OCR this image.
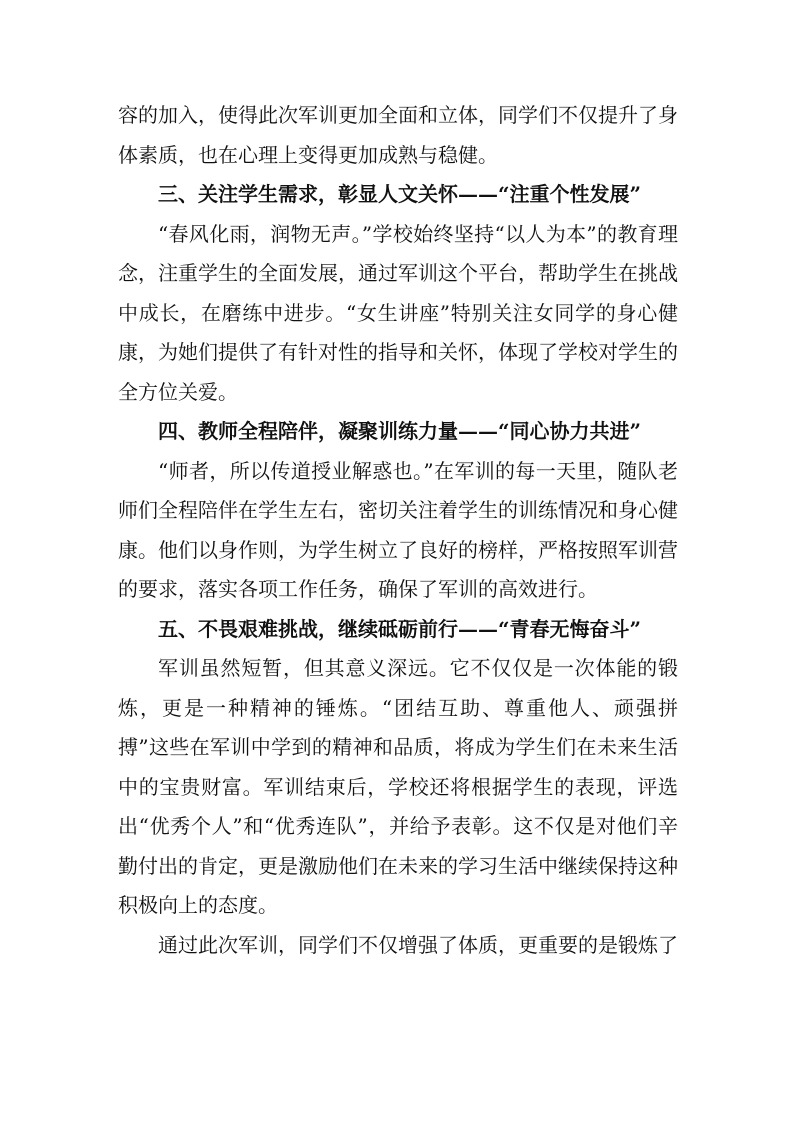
容的加入，使得此次军训更加全面和立体，同学们不仅提升了身体素质，也在心理上变得更加成熟与稳健。

三、关注学生需求，彰显人文关怀——“注重个性发展”

“春风化雨，润物无声。”学校始终坚持“以人为本”的教育理念，注重学生的全面发展，通过军训这个平台，帮助学生在挑战中成长，在磨练中进步。“女生讲座”特别关注女同学的身心健康，为她们提供了有针对性的指导和关怀，体现了学校对学生的全方位关爱。

四、教师全程陪伴，凝聚训练力量——“同心协力共进”

“师者，所以传道授业解惑也。”在军训的每一天里，随队老师们全程陪伴在学生左右，密切关注着学生的训练情况和身心健康。他们以身作则，为学生树立了良好的榜样，严格按照军训营的要求，落实各项工作任务，确保了军训的高效进行。

五、不畏艰难挑战，继续砥砺前行——“青春无悔奋斗”

军训虽然短暂，但其意义深远。它不仅仅是一次体能的锻炼，更是一种精神的锤炼。“团结互助、尊重他人、顽强拼搏”这些在军训中学到的精神和品质，将成为学生们在未来生活中的宝贵财富。军训结束后，学校还将根据学生的表现，评选出“优秀个人”和“优秀连队”，并给予表彰。这不仅是对他们辛勤付出的肯定，更是激励他们在未来的学习生活中继续保持这种积极向上的态度。

通过此次军训，同学们不仅增强了体质，更重要的是锻炼了
